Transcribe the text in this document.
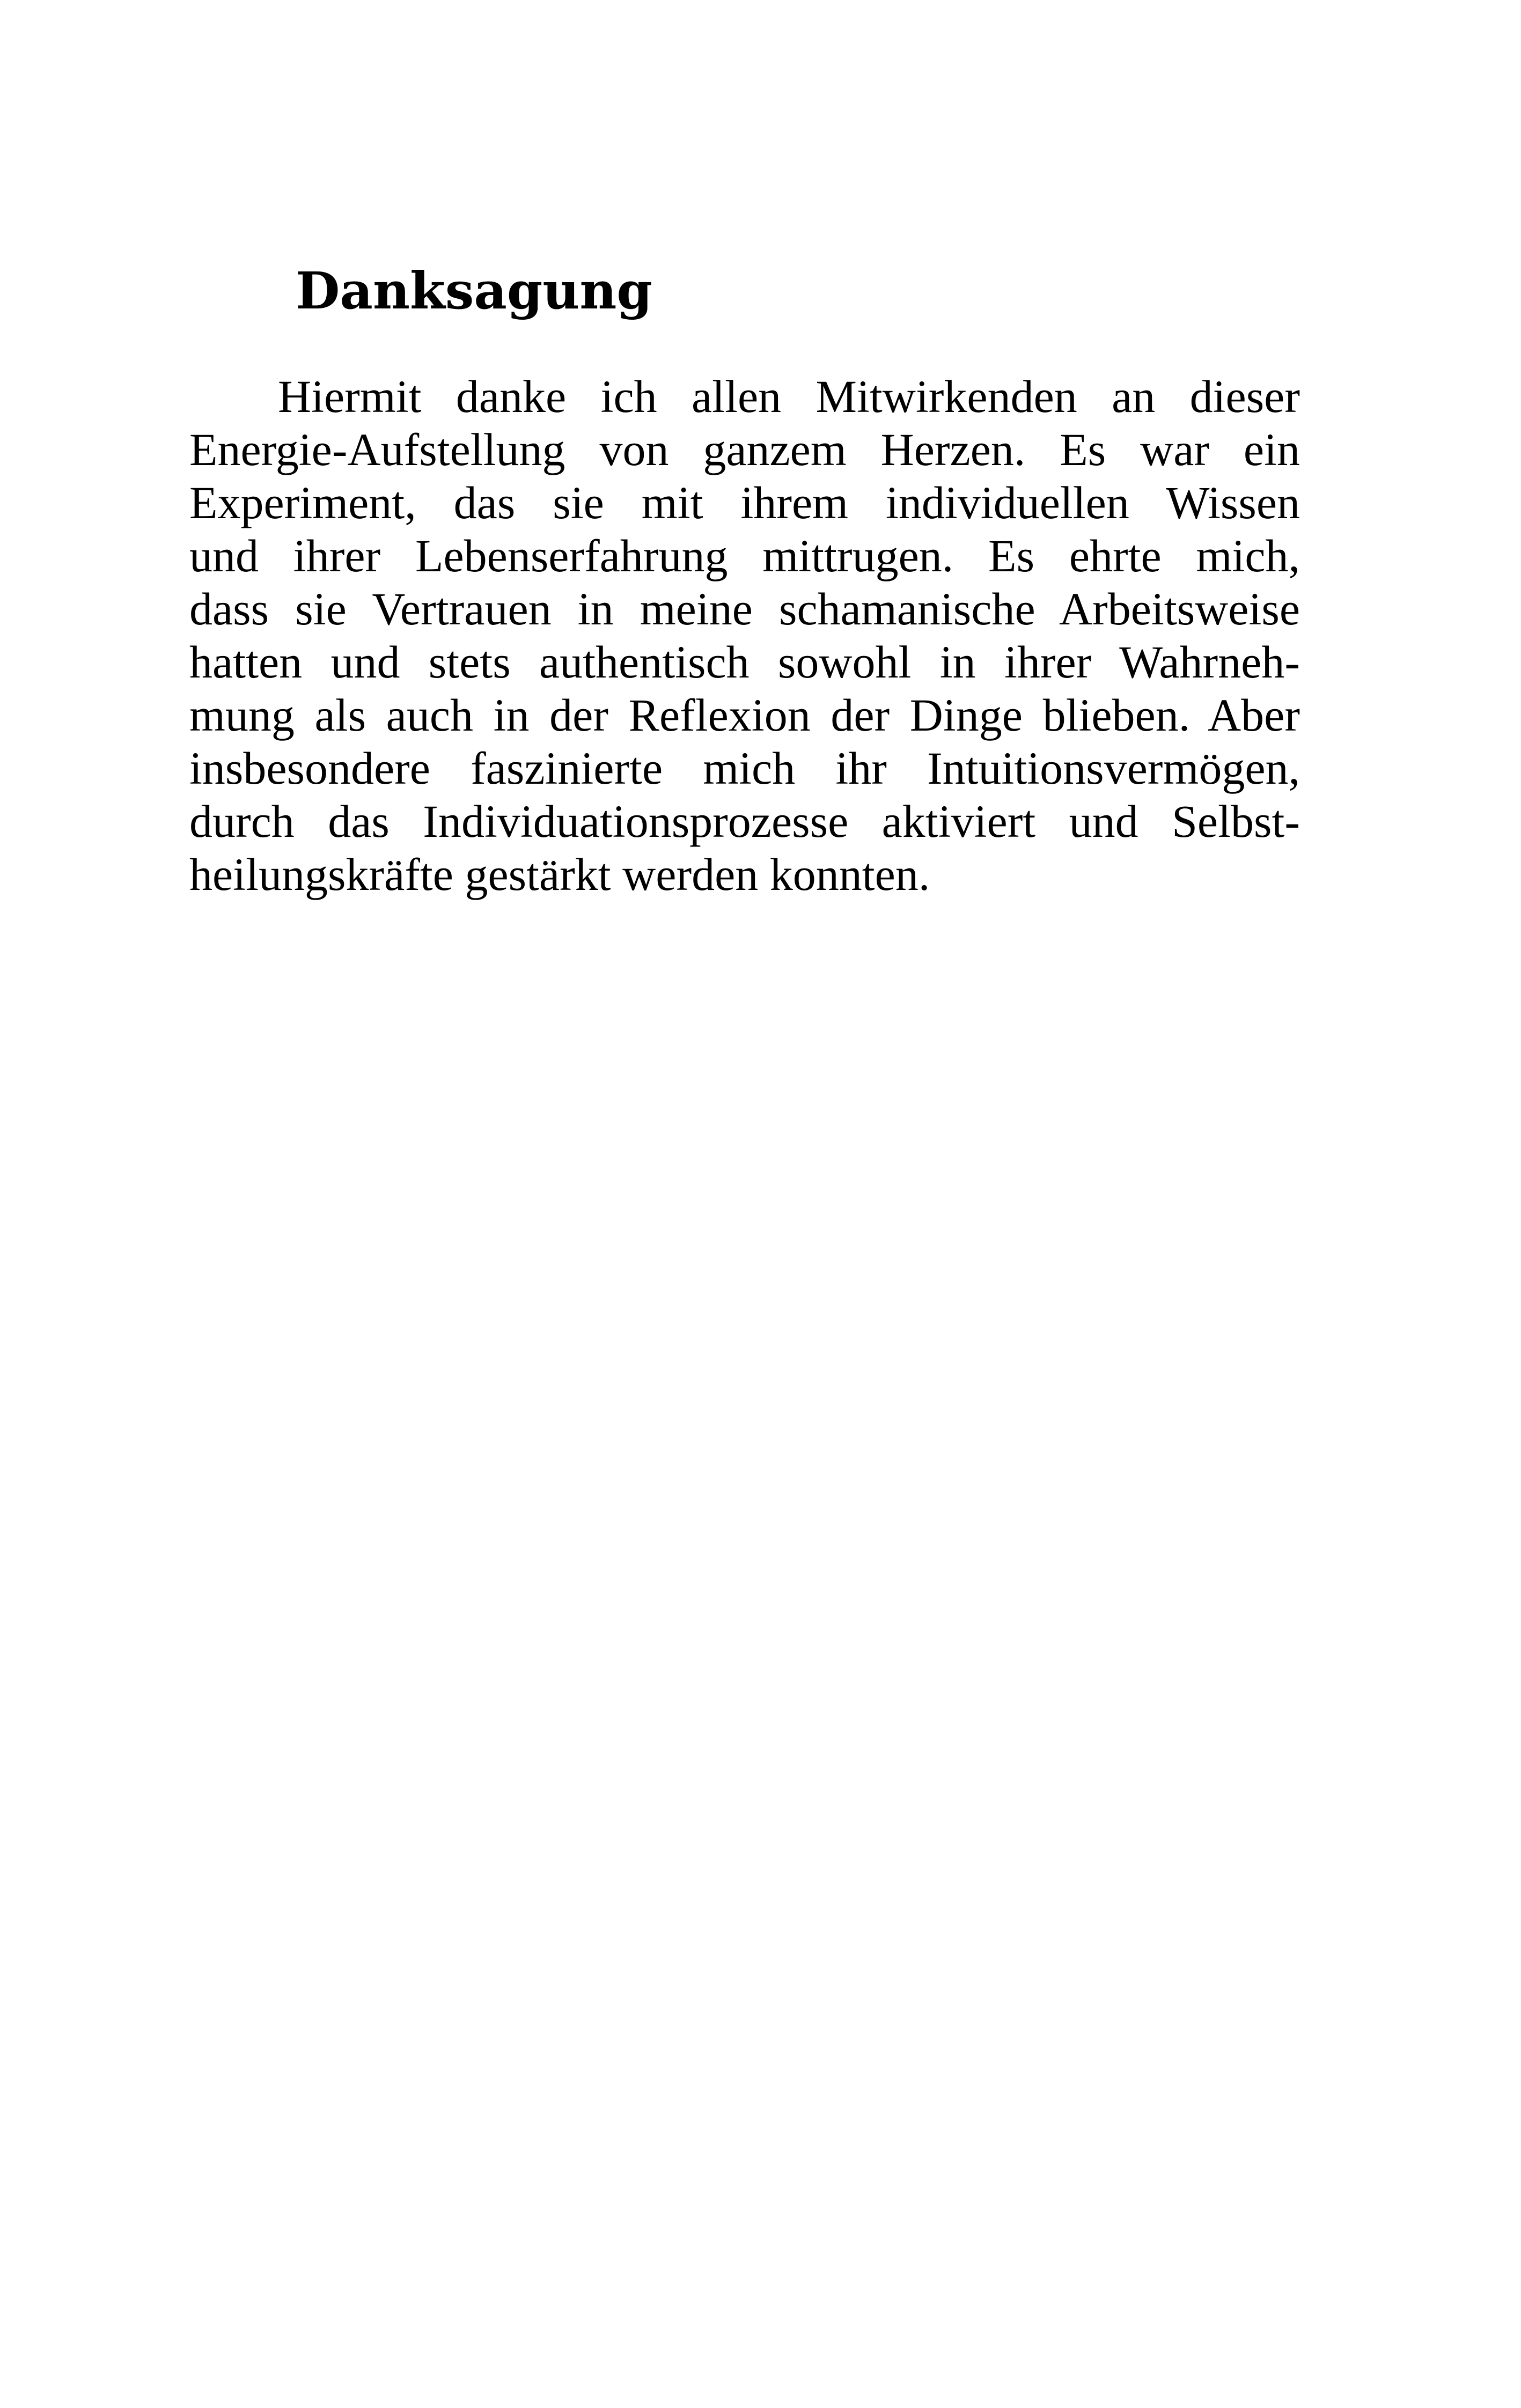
Danksagung
Hiermit danke ich allen Mitwirkenden an dieser
Energie-Aufstellung von ganzem Herzen. Es war ein
Experiment, das sie mit ihrem individuellen Wissen
und ihrer Lebenserfahrung mittrugen. Es ehrte mich,
dass sie Vertrauen in meine schamanische Arbeitsweise
hatten und stets authentisch sowohl in ihrer Wahrneh-
mung als auch in der Reflexion der Dinge blieben. Aber
insbesondere faszinierte mich ihr Intuitionsvermögen,
durch das Individuationsprozesse aktiviert und Selbst-
heilungskräfte gestärkt werden konnten.
